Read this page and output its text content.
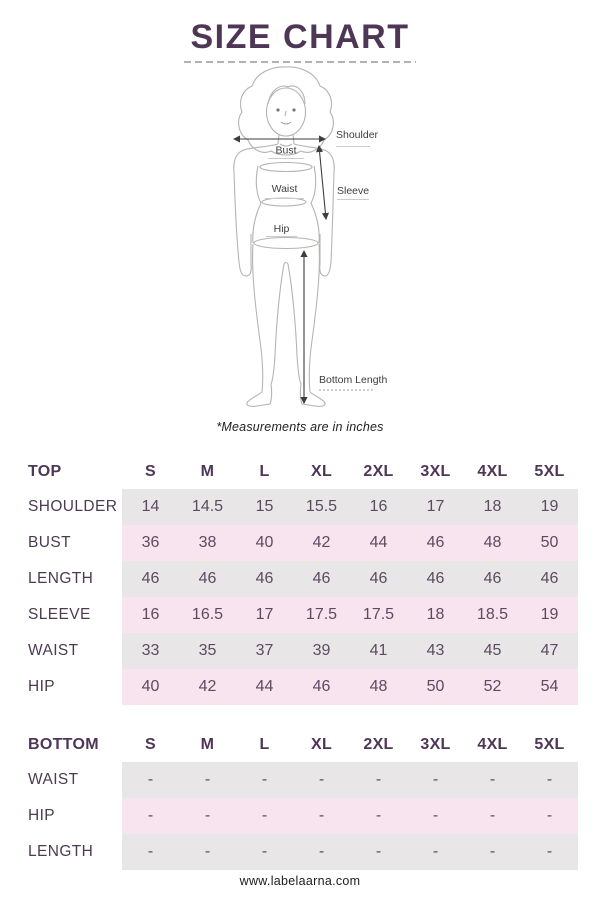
SIZE CHART
Shoulder
Bust
Waist	Sleeve
Hip
Bottom Length
*Measurements are in inches
TOP	S	M	L	XL	2XL	3XL	4XL	5XL
SHOULDER	14	14.5	15	15.5	16	17	18	19
BUST	36	38	40	42	44	46	48	50
LENGTH	46	46	46	46	46	46	46	46
SLEEVE	16	16.5	17	17.5	17.5	18	18.5	19
WAIST	33	35	37	39	41	43	45	47
HIP	40	42	44	46	48	50	52	54
BOTTOM	S	M	L	XL	2XL	3XL	4XL	5XL
WAIST	-	-	-	-	-	-	-	-
HIP	-	-	-	-	-	-	-	-
LENGTH	-	-	-	-	-	-	-	-
www.labelaarna.com
